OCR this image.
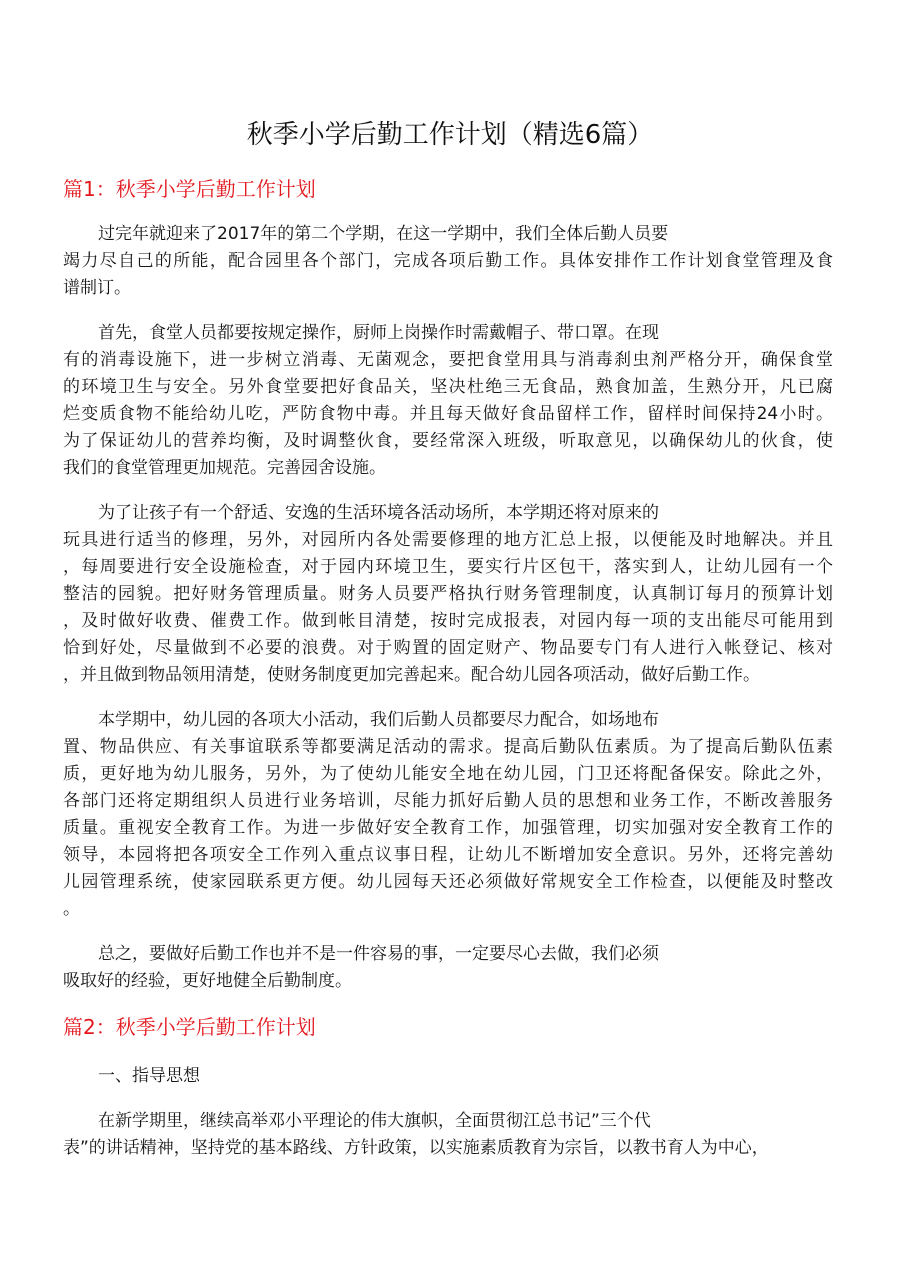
秋季小学后勤工作计划（精选6篇）
篇1：秋季小学后勤工作计划
过完年就迎来了2017年的第二个学期，在这一学期中，我们全体后勤人员要
竭力尽自己的所能，配合园里各个部门，完成各项后勤工作。具体安排作工作计划食堂管理及食
谱制订。
首先，食堂人员都要按规定操作，厨师上岗操作时需戴帽子、带口罩。在现
有的消毒设施下，进一步树立消毒、无菌观念，要把食堂用具与消毒刹虫剂严格分开，确保食堂
的环境卫生与安全。另外食堂要把好食品关，坚决杜绝三无食品，熟食加盖，生熟分开，凡已腐
烂变质食物不能给幼儿吃，严防食物中毒。并且每天做好食品留样工作，留样时间保持24小时。
为了保证幼儿的营养均衡，及时调整伙食，要经常深入班级，听取意见，以确保幼儿的伙食，使
我们的食堂管理更加规范。完善园舍设施。
为了让孩子有一个舒适、安逸的生活环境各活动场所，本学期还将对原来的
玩具进行适当的修理，另外，对园所内各处需要修理的地方汇总上报，以便能及时地解决。并且
，每周要进行安全设施检查，对于园内环境卫生，要实行片区包干，落实到人，让幼儿园有一个
整洁的园貌。把好财务管理质量。财务人员要严格执行财务管理制度，认真制订每月的预算计划
，及时做好收费、催费工作。做到帐目清楚，按时完成报表，对园内每一项的支出能尽可能用到
恰到好处，尽量做到不必要的浪费。对于购置的固定财产、物品要专门有人进行入帐登记、核对
，并且做到物品领用清楚，使财务制度更加完善起来。配合幼儿园各项活动，做好后勤工作。
本学期中，幼儿园的各项大小活动，我们后勤人员都要尽力配合，如场地布
置、物品供应、有关事谊联系等都要满足活动的需求。提高后勤队伍素质。为了提高后勤队伍素
质，更好地为幼儿服务，另外，为了使幼儿能安全地在幼儿园，门卫还将配备保安。除此之外，
各部门还将定期组织人员进行业务培训，尽能力抓好后勤人员的思想和业务工作，不断改善服务
质量。重视安全教育工作。为进一步做好安全教育工作，加强管理，切实加强对安全教育工作的
领导，本园将把各项安全工作列入重点议事日程，让幼儿不断增加安全意识。另外，还将完善幼
儿园管理系统，使家园联系更方便。幼儿园每天还必须做好常规安全工作检查，以便能及时整改
。
总之，要做好后勤工作也并不是一件容易的事，一定要尽心去做，我们必须
吸取好的经验，更好地健全后勤制度。
篇2：秋季小学后勤工作计划
一、指导思想
在新学期里，继续高举邓小平理论的伟大旗帜，全面贯彻江总书记”三个代
表”的讲话精神，坚持党的基本路线、方针政策，以实施素质教育为宗旨，以教书育人为中心，
